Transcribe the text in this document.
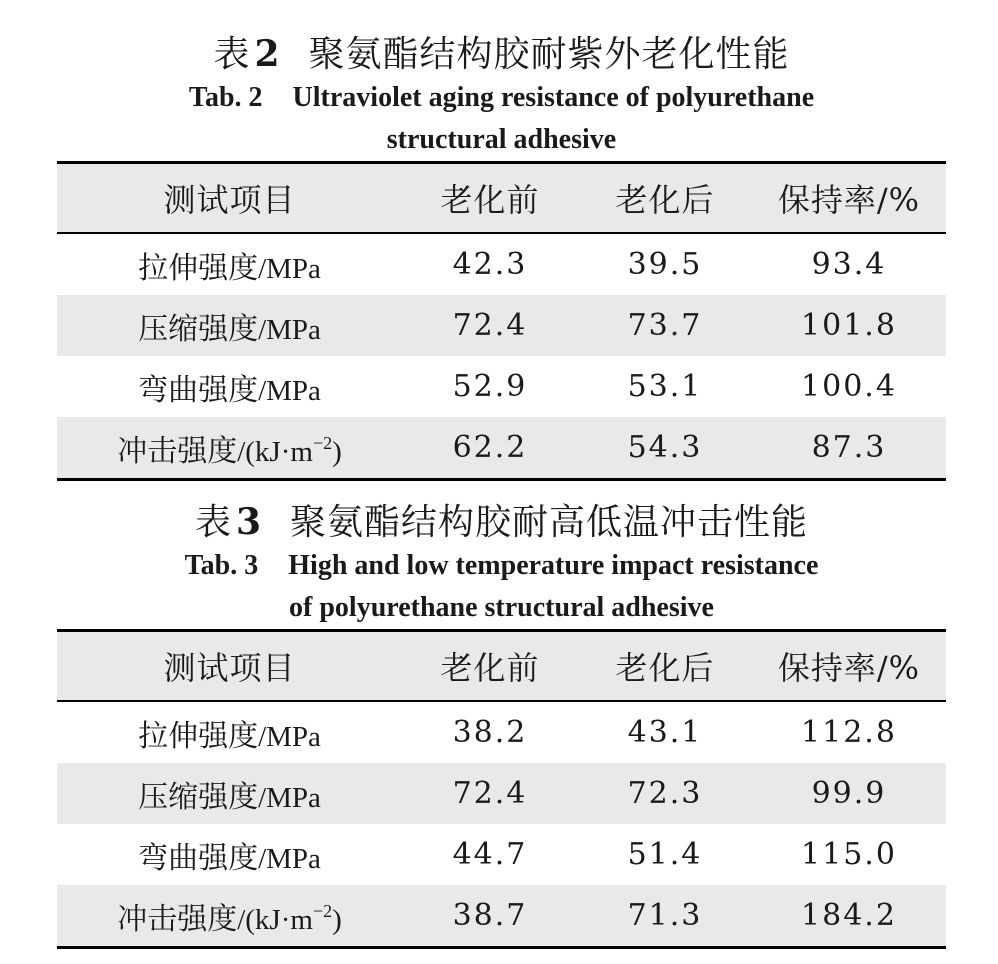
表 2 聚氨酯结构胶耐紫外老化性能
Tab. 2 Ultraviolet aging resistance of polyurethane
structural adhesive
测试项目	老化前	老化后	保持率/%
拉伸强度/MPa	42.3	39.5	93.4
压缩强度/MPa	72.4	73.7	101.8
弯曲强度/MPa	52.9	53.1	100.4
冲击强度$/(kJ\cdot m^{-2})$	62.2	54.3	87.3
表 3 聚氨酯结构胶耐高低温冲击性能
Tab. 3 High and low temperature impact resistance
of polyurethane structural adhesive
测试项目	老化前	老化后	保持率/%
拉伸强度/MPa	38.2	43.1	112.8
压缩强度/MPa	72.4	72.3	99.9
弯曲强度/MPa	44.7	51.4	115.0
冲击强度$/(kJ\cdot m^{-2})$	38.7	71.3	184.2
